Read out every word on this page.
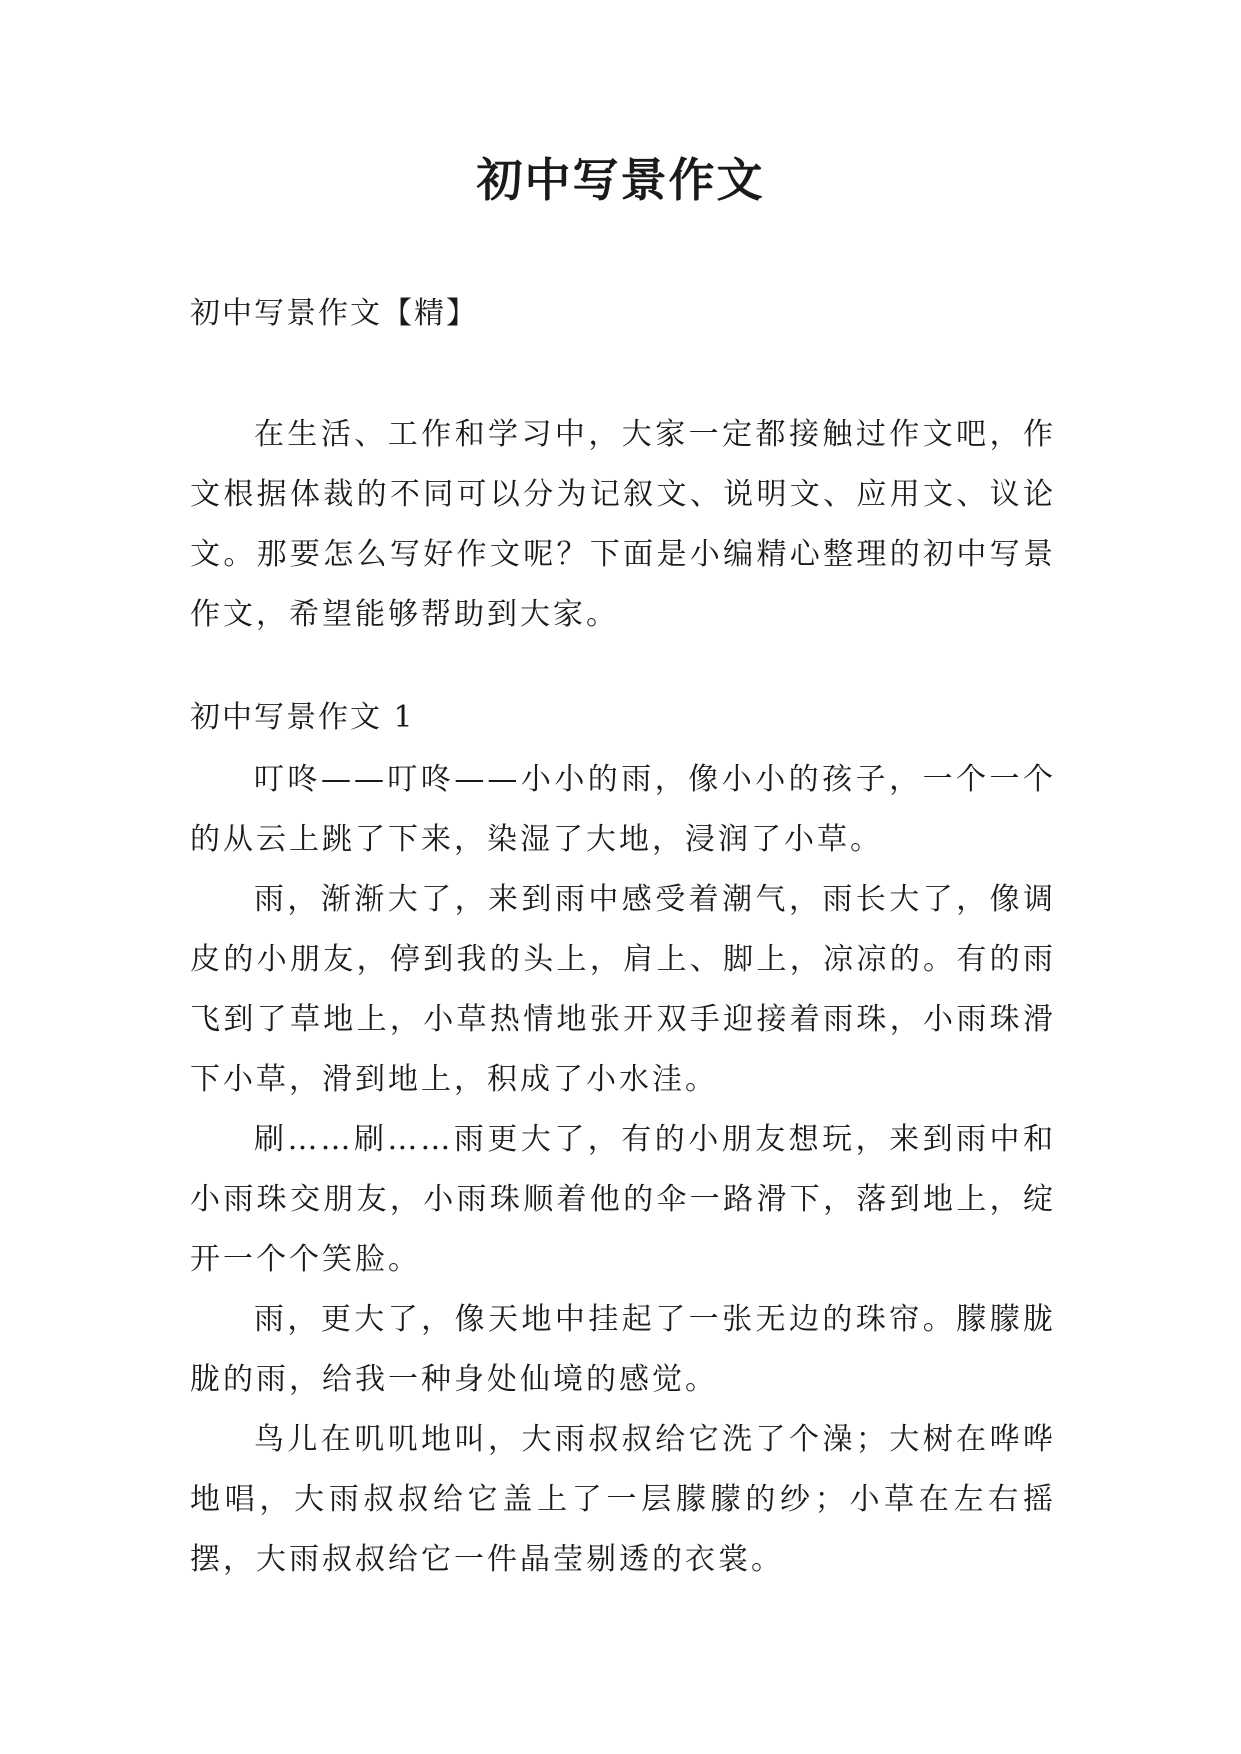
初中写景作文
初中写景作文【精】

在生活、工作和学习中，大家一定都接触过作文吧，作文根据体裁的不同可以分为记叙文、说明文、应用文、议论文。那要怎么写好作文呢？下面是小编精心整理的初中写景作文，希望能够帮助到大家。

初中写景作文 1

叮咚——叮咚——小小的雨，像小小的孩子，一个一个的从云上跳了下来，染湿了大地，浸润了小草。

雨，渐渐大了，来到雨中感受着潮气，雨长大了，像调皮的小朋友，停到我的头上，肩上、脚上，凉凉的。有的雨飞到了草地上，小草热情地张开双手迎接着雨珠，小雨珠滑下小草，滑到地上，积成了小水洼。

刷……刷……雨更大了，有的小朋友想玩，来到雨中和小雨珠交朋友，小雨珠顺着他的伞一路滑下，落到地上，绽开一个个笑脸。

雨，更大了，像天地中挂起了一张无边的珠帘。朦朦胧胧的雨，给我一种身处仙境的感觉。

鸟儿在叽叽地叫，大雨叔叔给它洗了个澡；大树在哗哗地唱，大雨叔叔给它盖上了一层朦朦的纱；小草在左右摇摆，大雨叔叔给它一件晶莹剔透的衣裳。
